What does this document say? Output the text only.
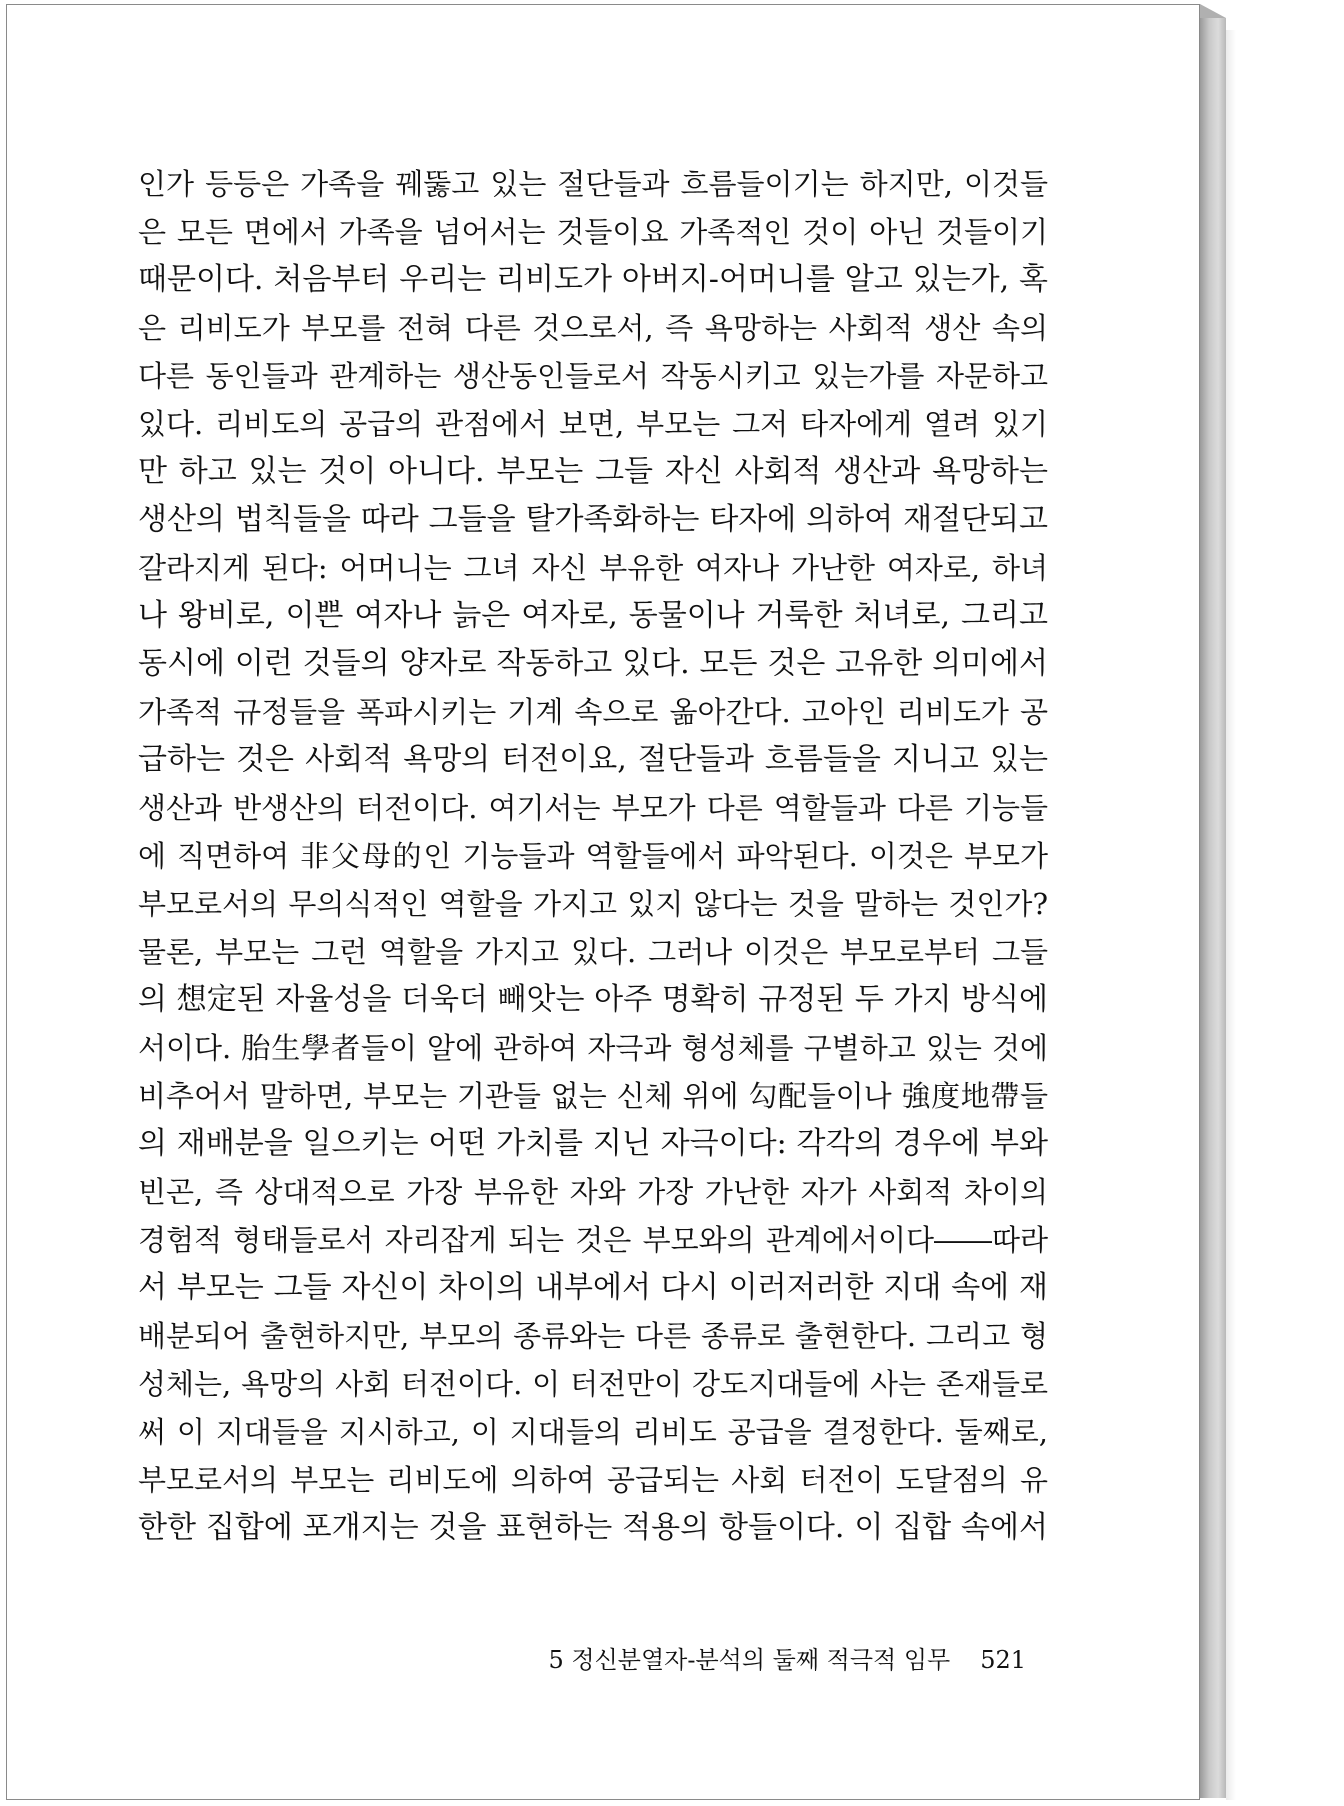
인가 등등은 가족을 꿰뚫고 있는 절단들과 흐름들이기는 하지만, 이것들
은 모든 면에서 가족을 넘어서는 것들이요 가족적인 것이 아닌 것들이기
때문이다. 처음부터 우리는 리비도가 아버지-어머니를 알고 있는가, 혹
은 리비도가 부모를 전혀 다른 것으로서, 즉 욕망하는 사회적 생산 속의
다른 동인들과 관계하는 생산동인들로서 작동시키고 있는가를 자문하고
있다. 리비도의 공급의 관점에서 보면, 부모는 그저 타자에게 열려 있기
만 하고 있는 것이 아니다. 부모는 그들 자신 사회적 생산과 욕망하는
생산의 법칙들을 따라 그들을 탈가족화하는 타자에 의하여 재절단되고
갈라지게 된다: 어머니는 그녀 자신 부유한 여자나 가난한 여자로, 하녀
나 왕비로, 이쁜 여자나 늙은 여자로, 동물이나 거룩한 처녀로, 그리고
동시에 이런 것들의 양자로 작동하고 있다. 모든 것은 고유한 의미에서
가족적 규정들을 폭파시키는 기계 속으로 옮아간다. 고아인 리비도가 공
급하는 것은 사회적 욕망의 터전이요, 절단들과 흐름들을 지니고 있는
생산과 반생산의 터전이다. 여기서는 부모가 다른 역할들과 다른 기능들
에 직면하여 非父母的인 기능들과 역할들에서 파악된다. 이것은 부모가
부모로서의 무의식적인 역할을 가지고 있지 않다는 것을 말하는 것인가?
물론, 부모는 그런 역할을 가지고 있다. 그러나 이것은 부모로부터 그들
의 想定된 자율성을 더욱더 빼앗는 아주 명확히 규정된 두 가지 방식에
서이다. 胎生學者들이 알에 관하여 자극과 형성체를 구별하고 있는 것에
비추어서 말하면, 부모는 기관들 없는 신체 위에 勾配들이나 強度地帶들
의 재배분을 일으키는 어떤 가치를 지닌 자극이다: 각각의 경우에 부와
빈곤, 즉 상대적으로 가장 부유한 자와 가장 가난한 자가 사회적 차이의
경험적 형태들로서 자리잡게 되는 것은 부모와의 관계에서이다――따라
서 부모는 그들 자신이 차이의 내부에서 다시 이러저러한 지대 속에 재
배분되어 출현하지만, 부모의 종류와는 다른 종류로 출현한다. 그리고 형
성체는, 욕망의 사회 터전이다. 이 터전만이 강도지대들에 사는 존재들로
써 이 지대들을 지시하고, 이 지대들의 리비도 공급을 결정한다. 둘째로,
부모로서의 부모는 리비도에 의하여 공급되는 사회 터전이 도달점의 유
한한 집합에 포개지는 것을 표현하는 적용의 항들이다. 이 집합 속에서
5 정신분열자-분석의 둘째 적극적 임무 521
